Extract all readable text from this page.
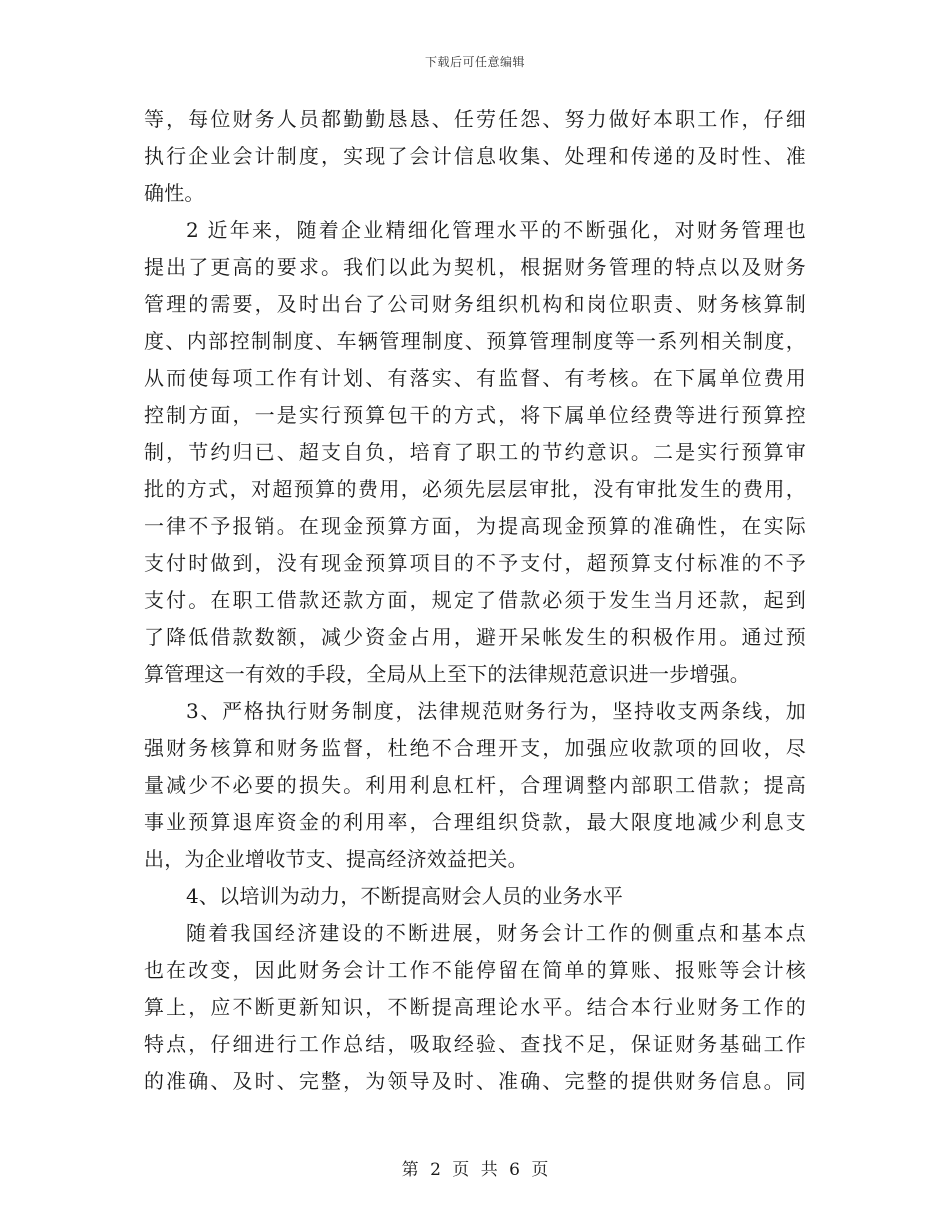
下载后可任意编辑
等，每位财务人员都勤勤恳恳、任劳任怨、努力做好本职工作，仔细
执行企业会计制度，实现了会计信息收集、处理和传递的及时性、准
确性。
2 近年来，随着企业精细化管理水平的不断强化，对财务管理也
提出了更高的要求。我们以此为契机，根据财务管理的特点以及财务
管理的需要，及时出台了公司财务组织机构和岗位职责、财务核算制
度、内部控制制度、车辆管理制度、预算管理制度等一系列相关制度，
从而使每项工作有计划、有落实、有监督、有考核。在下属单位费用
控制方面，一是实行预算包干的方式，将下属单位经费等进行预算控
制，节约归已、超支自负，培育了职工的节约意识。二是实行预算审
批的方式，对超预算的费用，必须先层层审批，没有审批发生的费用，
一律不予报销。在现金预算方面，为提高现金预算的准确性，在实际
支付时做到，没有现金预算项目的不予支付，超预算支付标准的不予
支付。在职工借款还款方面，规定了借款必须于发生当月还款，起到
了降低借款数额，减少资金占用，避开呆帐发生的积极作用。通过预
算管理这一有效的手段，全局从上至下的法律规范意识进一步增强。
3、严格执行财务制度，法律规范财务行为，坚持收支两条线，加
强财务核算和财务监督，杜绝不合理开支，加强应收款项的回收，尽
量减少不必要的损失。利用利息杠杆，合理调整内部职工借款；提高
事业预算退库资金的利用率，合理组织贷款，最大限度地减少利息支
出，为企业增收节支、提高经济效益把关。
4、以培训为动力，不断提高财会人员的业务水平
随着我国经济建设的不断进展，财务会计工作的侧重点和基本点
也在改变，因此财务会计工作不能停留在简单的算账、报账等会计核
算上，应不断更新知识，不断提高理论水平。结合本行业财务工作的
特点，仔细进行工作总结，吸取经验、查找不足，保证财务基础工作
的准确、及时、完整，为领导及时、准确、完整的提供财务信息。同
第 2 页 共 6 页
